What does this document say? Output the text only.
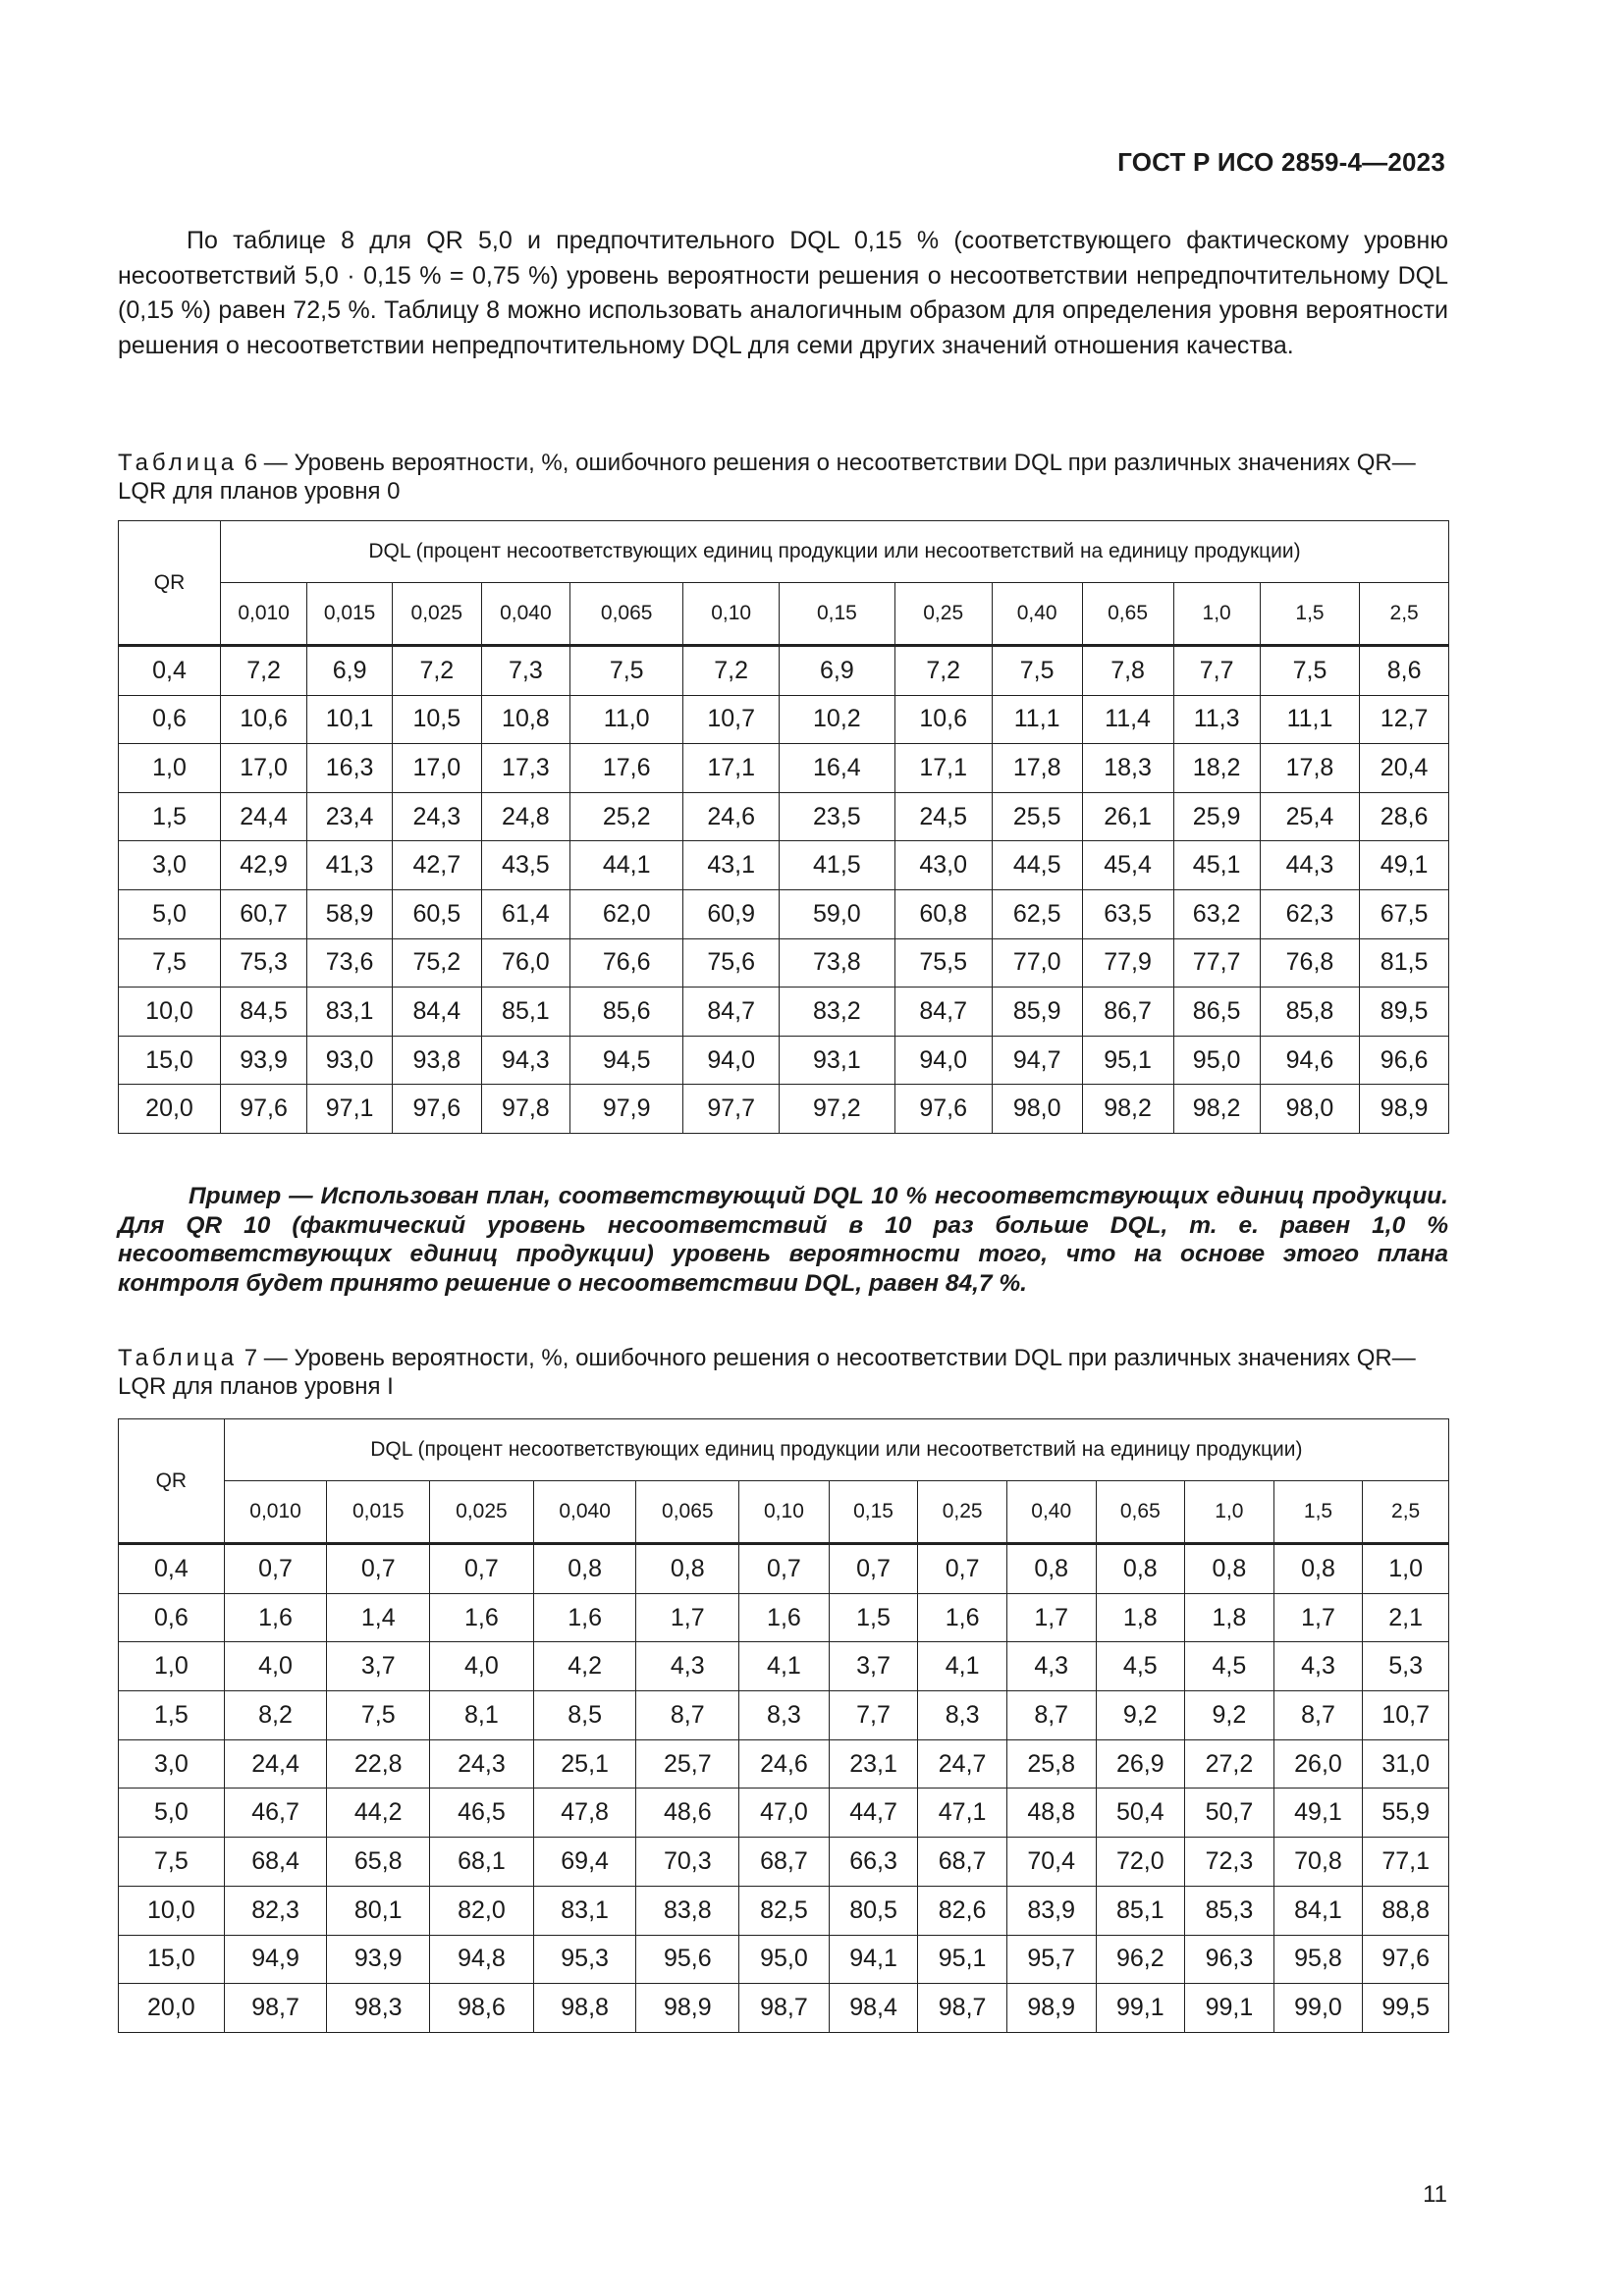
ГОСТ Р ИСО 2859-4—2023

По таблице 8 для QR 5,0 и предпочтительного DQL 0,15 % (соответствующего фактическому уровню несоответствий 5,0 · 0,15 % = 0,75 %) уровень вероятности решения о несоответствии непредпочтительному DQL (0,15 %) равен 72,5 %. Таблицу 8 можно использовать аналогичным образом для определения уровня вероятности решения о несоответствии непредпочтительному DQL для семи других значений отношения качества.

Таблица 6 — Уровень вероятности, %, ошибочного решения о несоответствии DQL при различных значениях QR—LQR для планов уровня 0
QR	DQL (процент несоответствующих единиц продукции или несоответствий на единицу продукции)												
	0,010	0,015	0,025	0,040	0,065	0,10	0,15	0,25	0,40	0,65	1,0	1,5	2,5
0,4	7,2	6,9	7,2	7,3	7,5	7,2	6,9	7,2	7,5	7,8	7,7	7,5	8,6
0,6	10,6	10,1	10,5	10,8	11,0	10,7	10,2	10,6	11,1	11,4	11,3	11,1	12,7
1,0	17,0	16,3	17,0	17,3	17,6	17,1	16,4	17,1	17,8	18,3	18,2	17,8	20,4
1,5	24,4	23,4	24,3	24,8	25,2	24,6	23,5	24,5	25,5	26,1	25,9	25,4	28,6
3,0	42,9	41,3	42,7	43,5	44,1	43,1	41,5	43,0	44,5	45,4	45,1	44,3	49,1
5,0	60,7	58,9	60,5	61,4	62,0	60,9	59,0	60,8	62,5	63,5	63,2	62,3	67,5
7,5	75,3	73,6	75,2	76,0	76,6	75,6	73,8	75,5	77,0	77,9	77,7	76,8	81,5
10,0	84,5	83,1	84,4	85,1	85,6	84,7	83,2	84,7	85,9	86,7	86,5	85,8	89,5
15,0	93,9	93,0	93,8	94,3	94,5	94,0	93,1	94,0	94,7	95,1	95,0	94,6	96,6
20,0	97,6	97,1	97,6	97,8	97,9	97,7	97,2	97,6	98,0	98,2	98,2	98,0	98,9
Пример — Использован план, соответствующий DQL 10 % несоответствующих единиц продукции. Для QR 10 (фактический уровень несоответствий в 10 раз больше DQL, т. е. равен 1,0 % несоответствующих единиц продукции) уровень вероятности того, что на основе этого плана контроля будет принято решение о несоответствии DQL, равен 84,7 %.
Таблица 7 — Уровень вероятности, %, ошибочного решения о несоответствии DQL при различных значениях QR—LQR для планов уровня I
QR	DQL (процент несоответствующих единиц продукции или несоответствий на единицу продукции)												
	0,010	0,015	0,025	0,040	0,065	0,10	0,15	0,25	0,40	0,65	1,0	1,5	2,5
0,4	0,7	0,7	0,7	0,8	0,8	0,7	0,7	0,7	0,8	0,8	0,8	0,8	1,0
0,6	1,6	1,4	1,6	1,6	1,7	1,6	1,5	1,6	1,7	1,8	1,8	1,7	2,1
1,0	4,0	3,7	4,0	4,2	4,3	4,1	3,7	4,1	4,3	4,5	4,5	4,3	5,3
1,5	8,2	7,5	8,1	8,5	8,7	8,3	7,7	8,3	8,7	9,2	9,2	8,7	10,7
3,0	24,4	22,8	24,3	25,1	25,7	24,6	23,1	24,7	25,8	26,9	27,2	26,0	31,0
5,0	46,7	44,2	46,5	47,8	48,6	47,0	44,7	47,1	48,8	50,4	50,7	49,1	55,9
7,5	68,4	65,8	68,1	69,4	70,3	68,7	66,3	68,7	70,4	72,0	72,3	70,8	77,1
10,0	82,3	80,1	82,0	83,1	83,8	82,5	80,5	82,6	83,9	85,1	85,3	84,1	88,8
15,0	94,9	93,9	94,8	95,3	95,6	95,0	94,1	95,1	95,7	96,2	96,3	95,8	97,6
20,0	98,7	98,3	98,6	98,8	98,9	98,7	98,4	98,7	98,9	99,1	99,1	99,0	99,5
11
